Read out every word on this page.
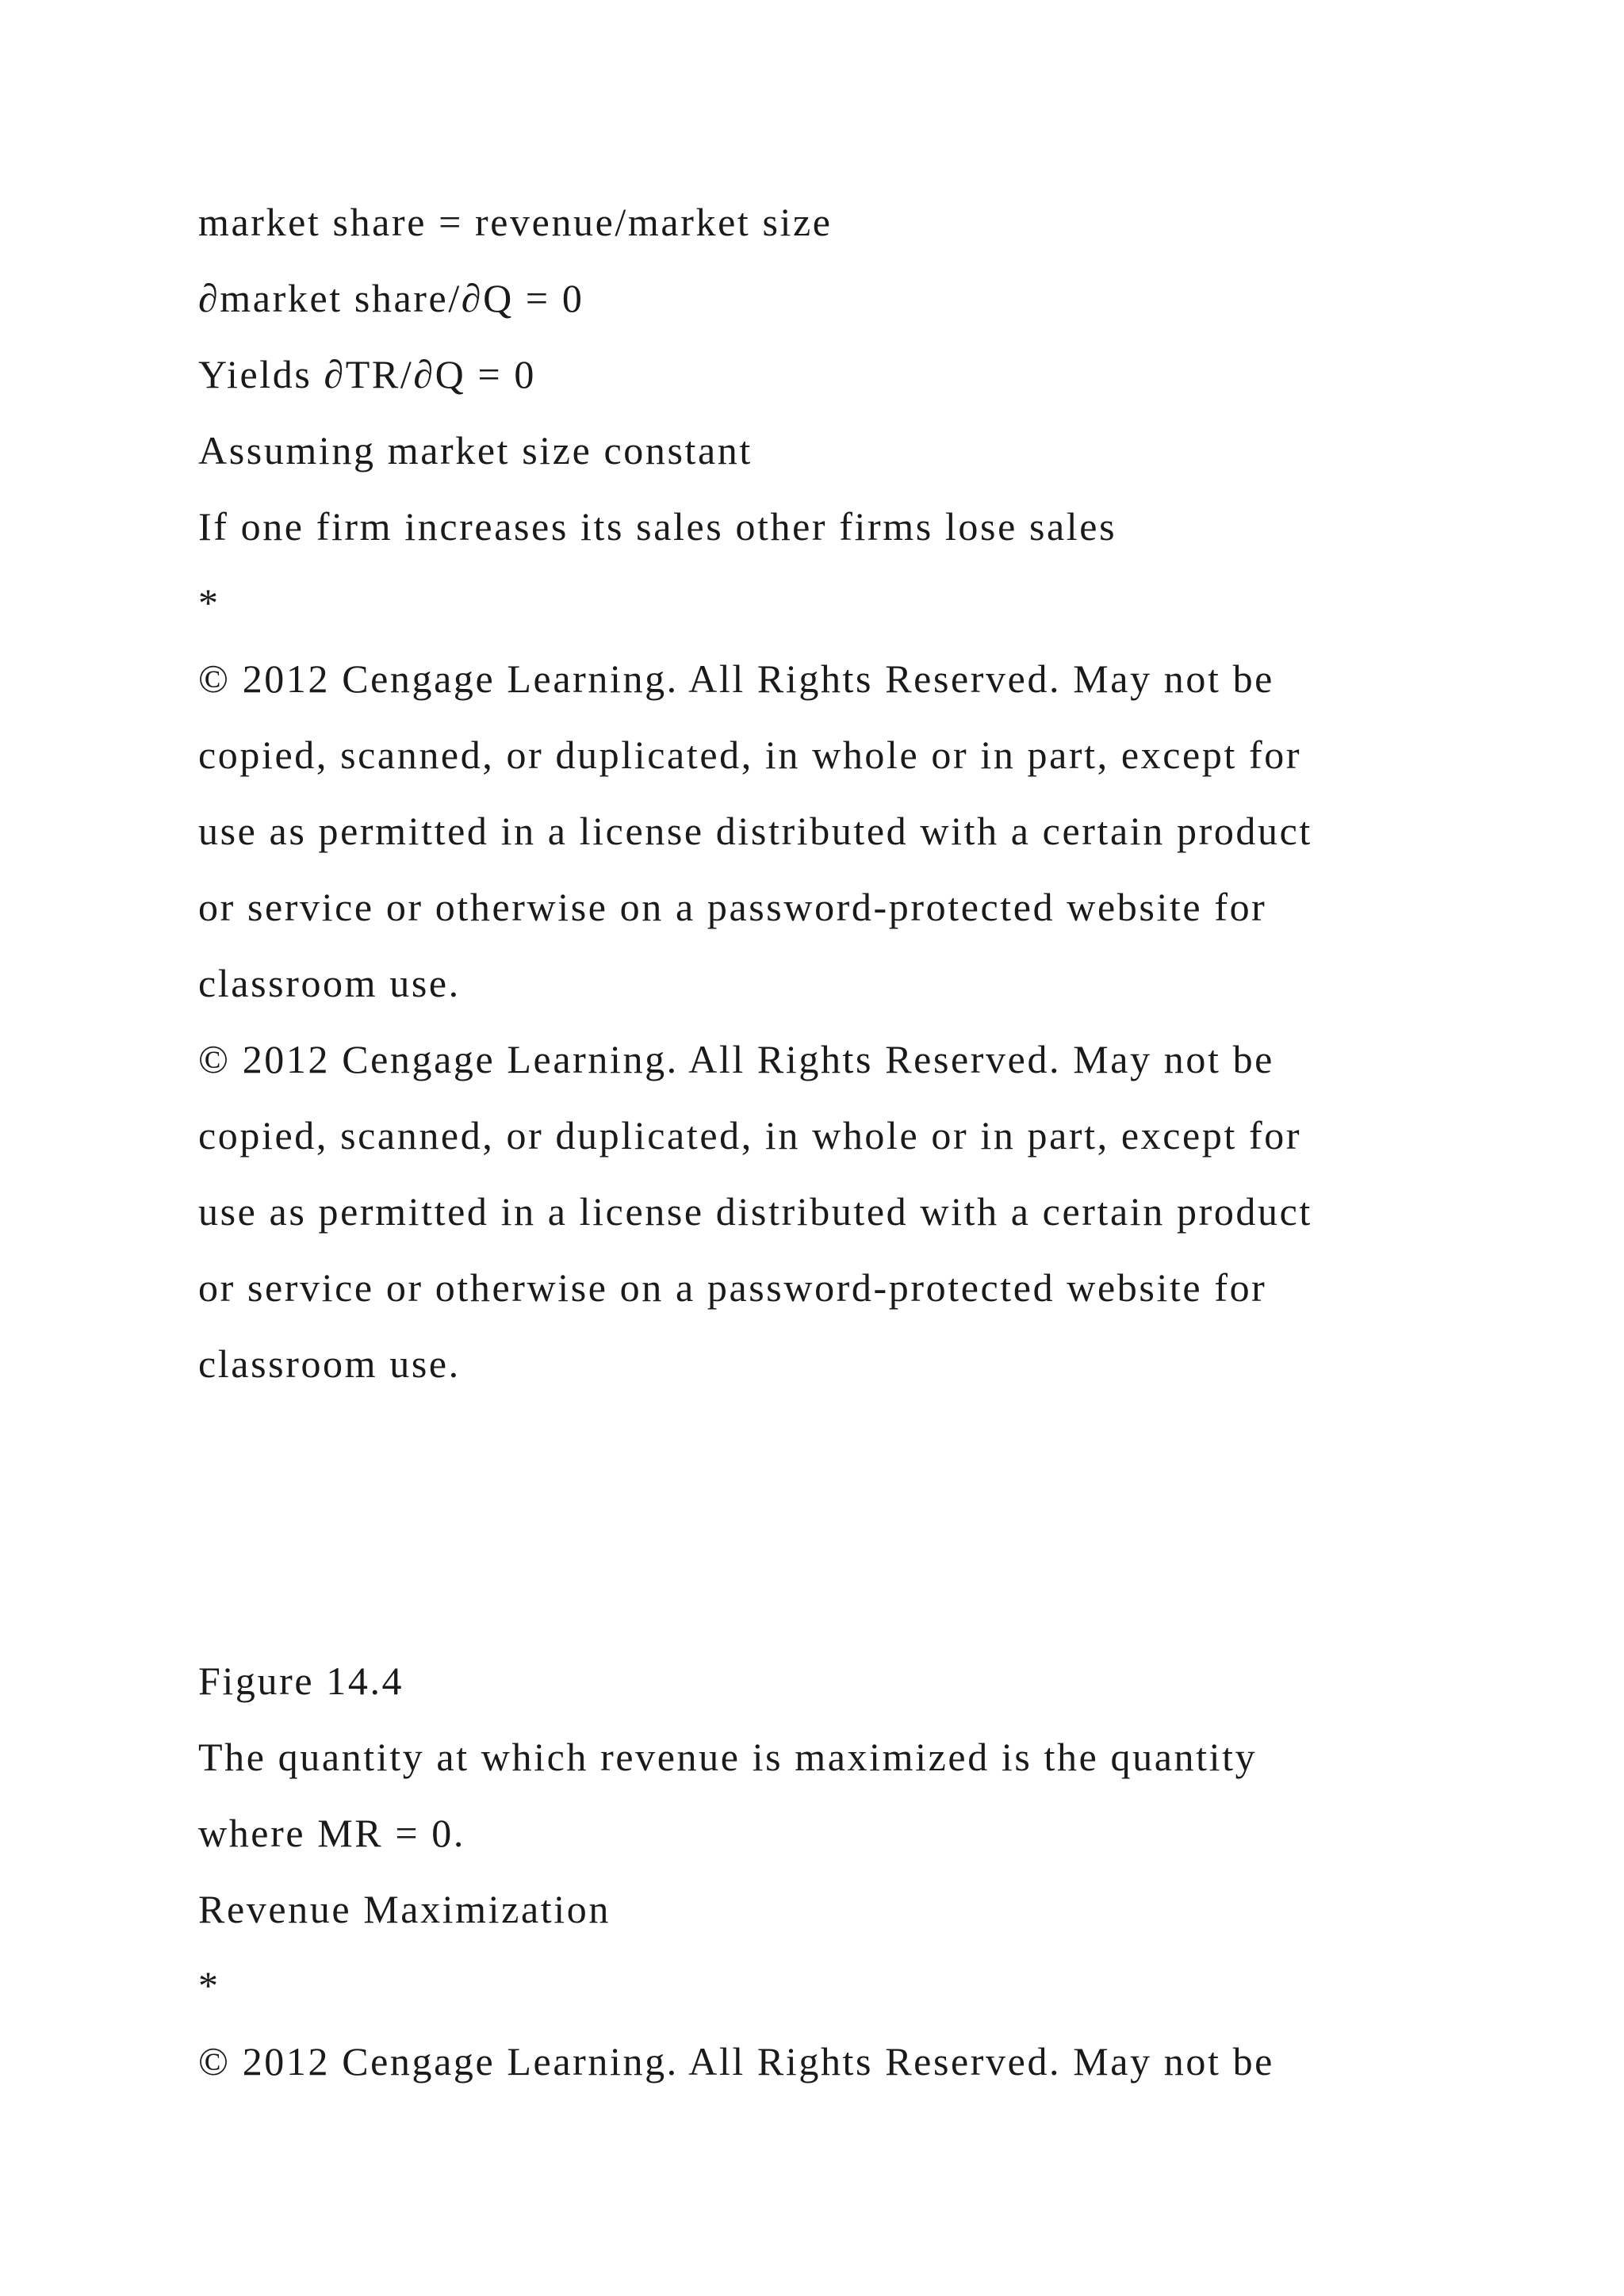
market share = revenue/market size
∂market share/∂Q = 0
Yields ∂TR/∂Q = 0
Assuming market size constant
If one firm increases its sales other firms lose sales
*
© 2012 Cengage Learning. All Rights Reserved. May not be
copied, scanned, or duplicated, in whole or in part, except for
use as permitted in a license distributed with a certain product
or service or otherwise on a password-protected website for
classroom use.
© 2012 Cengage Learning. All Rights Reserved. May not be
copied, scanned, or duplicated, in whole or in part, except for
use as permitted in a license distributed with a certain product
or service or otherwise on a password-protected website for
classroom use.
Figure 14.4
The quantity at which revenue is maximized is the quantity
where MR = 0.
Revenue Maximization
*
© 2012 Cengage Learning. All Rights Reserved. May not be
